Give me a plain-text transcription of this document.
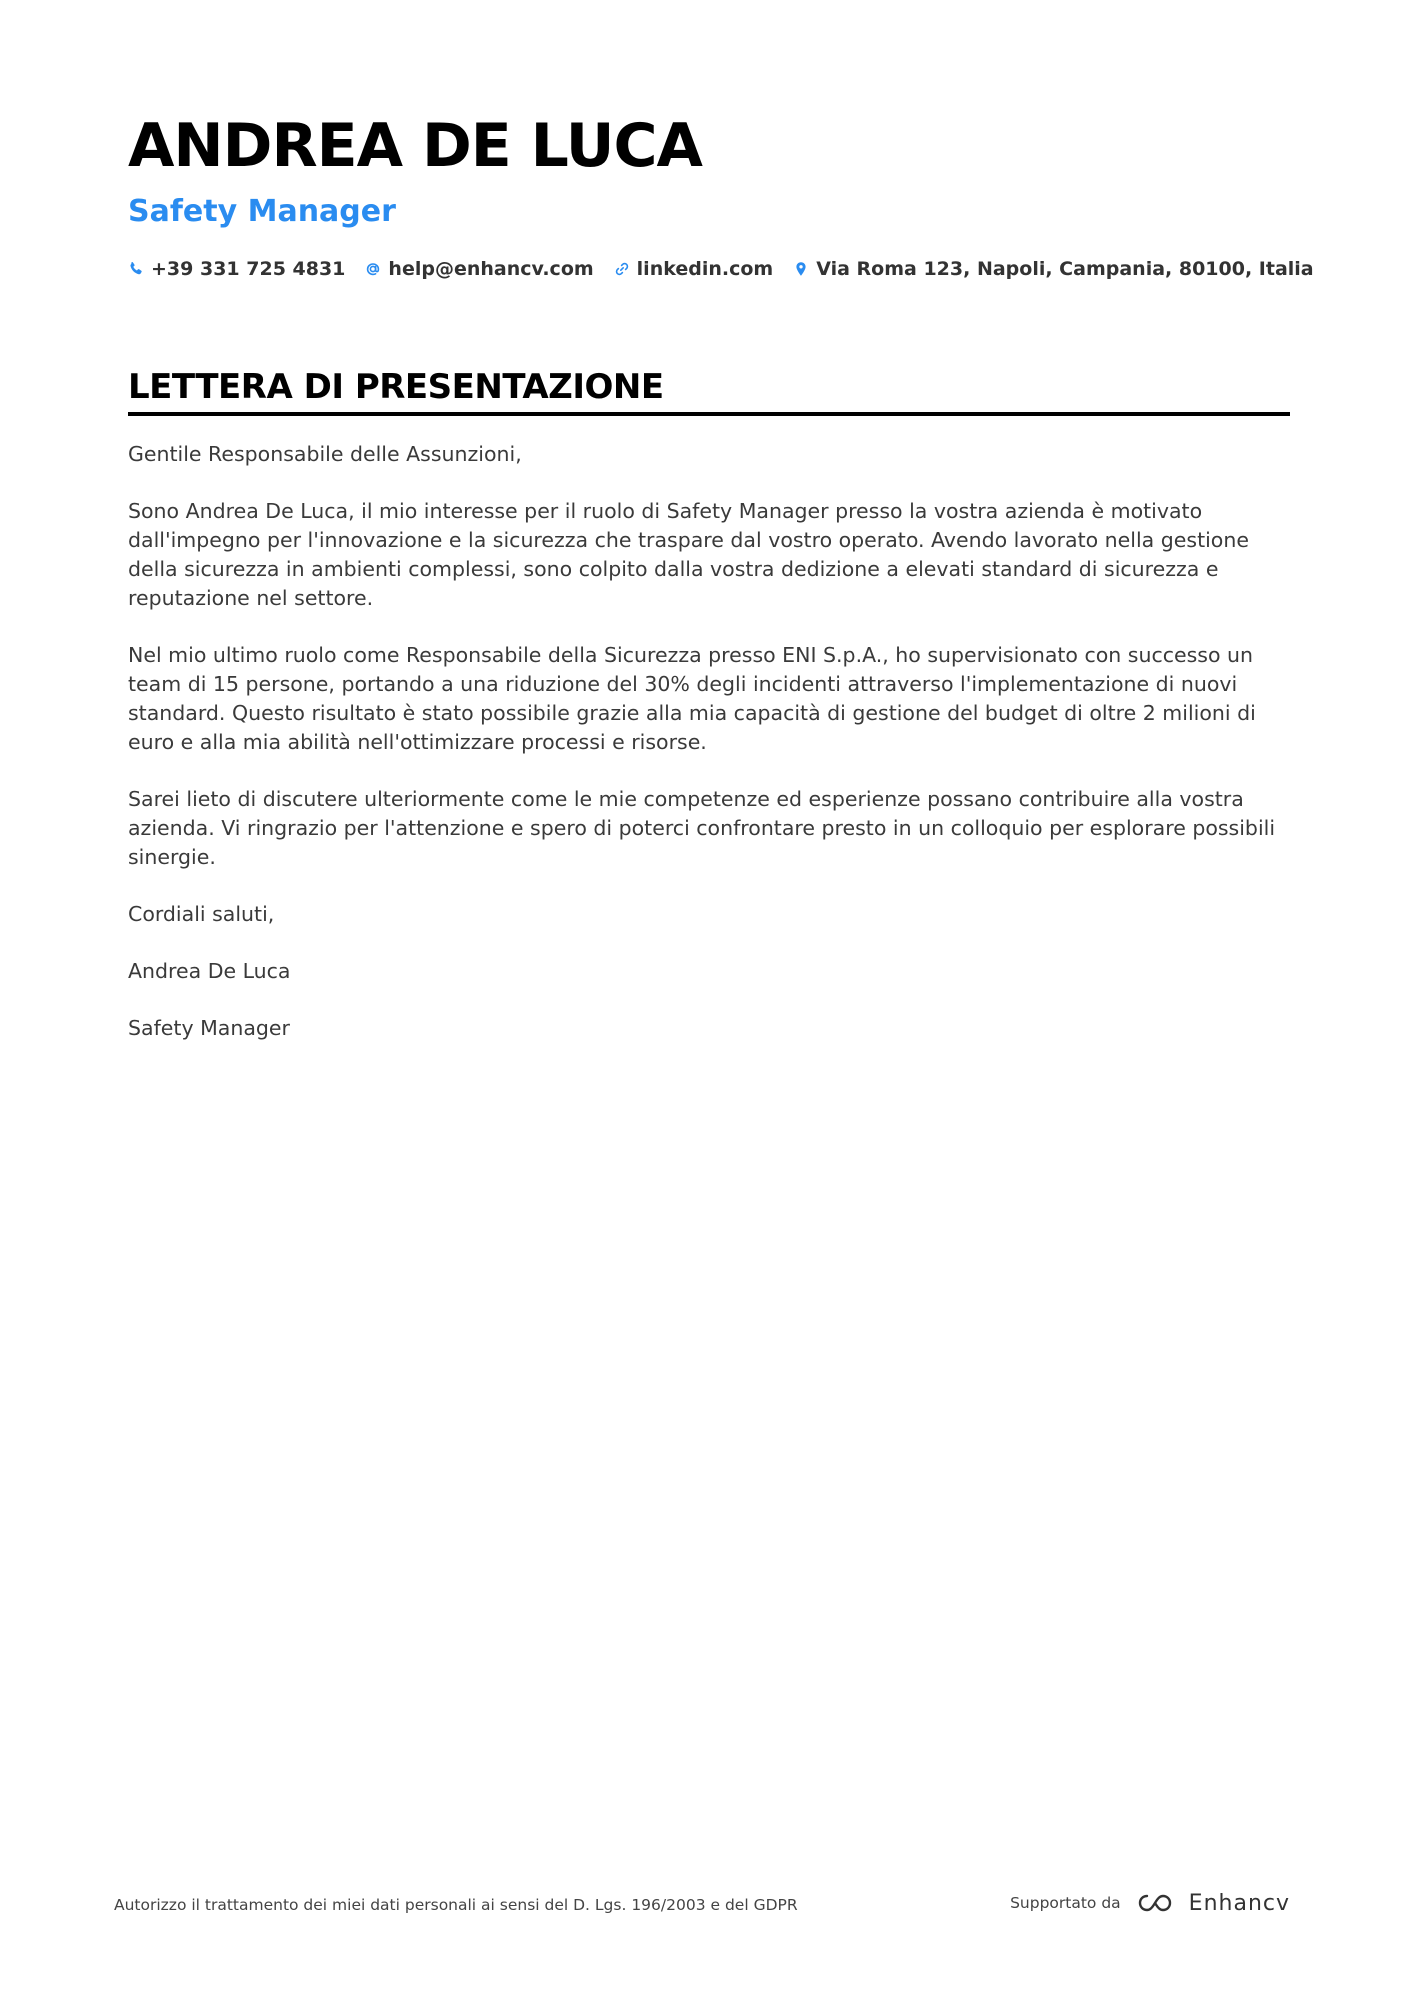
ANDREA DE LUCA
Safety Manager
+39 331 725 4831 help@enhancv.com linkedin.com Via Roma 123, Napoli, Campania, 80100, Italia
LETTERA DI PRESENTAZIONE

Gentile Responsabile delle Assunzioni,

Sono Andrea De Luca, il mio interesse per il ruolo di Safety Manager presso la vostra azienda è motivato dall'impegno per l'innovazione e la sicurezza che traspare dal vostro operato. Avendo lavorato nella gestione della sicurezza in ambienti complessi, sono colpito dalla vostra dedizione a elevati standard di sicurezza e reputazione nel settore.

Nel mio ultimo ruolo come Responsabile della Sicurezza presso ENI S.p.A., ho supervisionato con successo un team di 15 persone, portando a una riduzione del 30% degli incidenti attraverso l'implementazione di nuovi standard. Questo risultato è stato possibile grazie alla mia capacità di gestione del budget di oltre 2 milioni di euro e alla mia abilità nell'ottimizzare processi e risorse.

Sarei lieto di discutere ulteriormente come le mie competenze ed esperienze possano contribuire alla vostra azienda. Vi ringrazio per l'attenzione e spero di poterci confrontare presto in un colloquio per esplorare possibili sinergie.

Cordiali saluti,

Andrea De Luca

Safety Manager

Autorizzo il trattamento dei miei dati personali ai sensi del D. Lgs. 196/2003 e del GDPR	Supportato da	Enhancv
